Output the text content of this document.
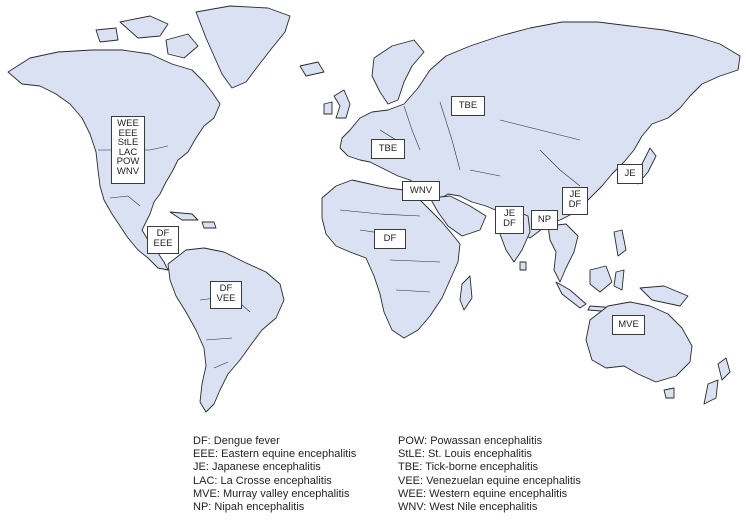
WEE
EEE
StLE
LAC
POW
WNV
DF
EEE
DF
VEE
TBE
TBE
WNV
DF
JE
DF	NP
JE
DF
JE
MVE
DF: Dengue fever
EEE: Eastern equine encephalitis
JE: Japanese encephalitis
LAC: La Crosse encephalitis
MVE: Murray valley encephalitis
NP: Nipah encephalitis
POW: Powassan encephalitis
StLE: St. Louis encephalitis
TBE: Tick-borne encephalitis
VEE: Venezuelan equine encephalitis
WEE: Western equine encephalitis
WNV: West Nile encephalitis
